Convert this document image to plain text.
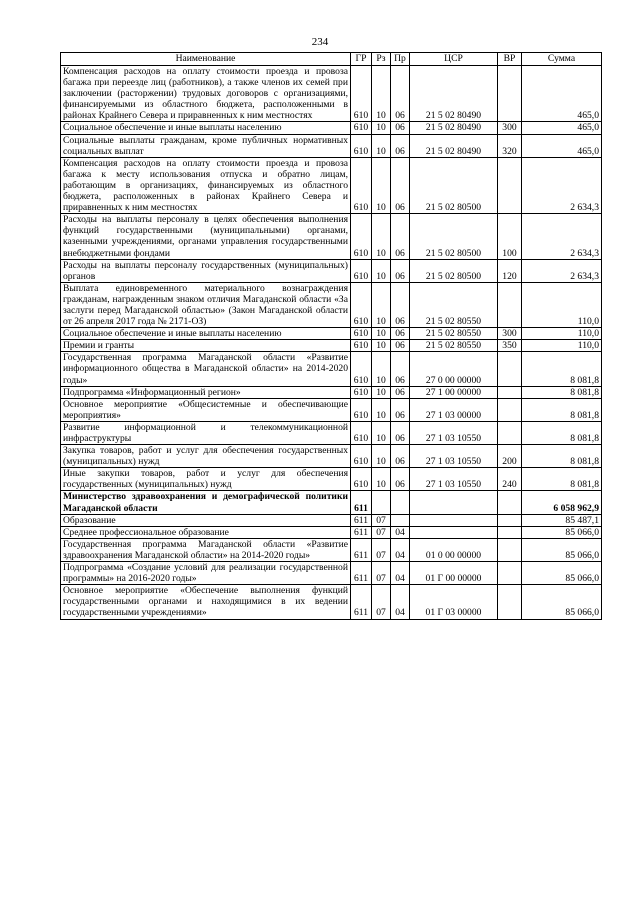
234
Наименование	ГР	Рз	Пр	ЦСР	ВР	Сумма
Компенсация расходов на оплату стоимости проезда и провоза багажа при переезде лиц (работников), а также членов их семей при заключении (расторжении) трудовых договоров с организациями, финансируемыми из областного бюджета, расположенными в районах Крайнего Севера и приравненных к ним местностях	610	10	06	21 5 02 80490		465,0
Социальное обеспечение и иные выплаты населению	610	10	06	21 5 02 80490	300	465,0
Социальные выплаты гражданам, кроме публичных нормативных социальных выплат	610	10	06	21 5 02 80490	320	465,0
Компенсация расходов на оплату стоимости проезда и провоза багажа к месту использования отпуска и обратно лицам, работающим в организациях, финансируемых из областного бюджета, расположенных в районах Крайнего Севера и приравненных к ним местностях	610	10	06	21 5 02 80500		2 634,3
Расходы на выплаты персоналу в целях обеспечения выполнения функций государственными (муниципальными) органами, казенными учреждениями, органами управления государственными внебюджетными фондами	610	10	06	21 5 02 80500	100	2 634,3
Расходы на выплаты персоналу государственных (муниципальных) органов	610	10	06	21 5 02 80500	120	2 634,3
Выплата единовременного материального вознаграждения гражданам, награжденным знаком отличия Магаданской области «За заслуги перед Магаданской областью» (Закон Магаданской области от 26 апреля 2017 года № 2171-ОЗ)	610	10	06	21 5 02 80550		110,0
Социальное обеспечение и иные выплаты населению	610	10	06	21 5 02 80550	300	110,0
Премии и гранты	610	10	06	21 5 02 80550	350	110,0
Государственная программа Магаданской области «Развитие информационного общества в Магаданской области» на 2014-2020 годы»	610	10	06	27 0 00 00000		8 081,8
Подпрограмма «Информационный регион»	610	10	06	27 1 00 00000		8 081,8
Основное мероприятие «Общесистемные и обеспечивающие мероприятия»	610	10	06	27 1 03 00000		8 081,8
Развитие информационной и телекоммуникационной инфраструктуры	610	10	06	27 1 03 10550		8 081,8
Закупка товаров, работ и услуг для обеспечения государственных (муниципальных) нужд	610	10	06	27 1 03 10550	200	8 081,8
Иные закупки товаров, работ и услуг для обеспечения государственных (муниципальных) нужд	610	10	06	27 1 03 10550	240	8 081,8
Министерство здравоохранения и демографической политики Магаданской области	611					6 058 962,9
Образование	611	07				85 487,1
Среднее профессиональное образование	611	07	04			85 066,0
Государственная программа Магаданской области «Развитие здравоохранения Магаданской области» на 2014-2020 годы»	611	07	04	01 0 00 00000		85 066,0
Подпрограмма «Создание условий для реализации государственной программы» на 2016-2020 годы»	611	07	04	01 Г 00 00000		85 066,0
Основное мероприятие «Обеспечение выполнения функций государственными органами и находящимися в их ведении государственными учреждениями»	611	07	04	01 Г 03 00000		85 066,0
